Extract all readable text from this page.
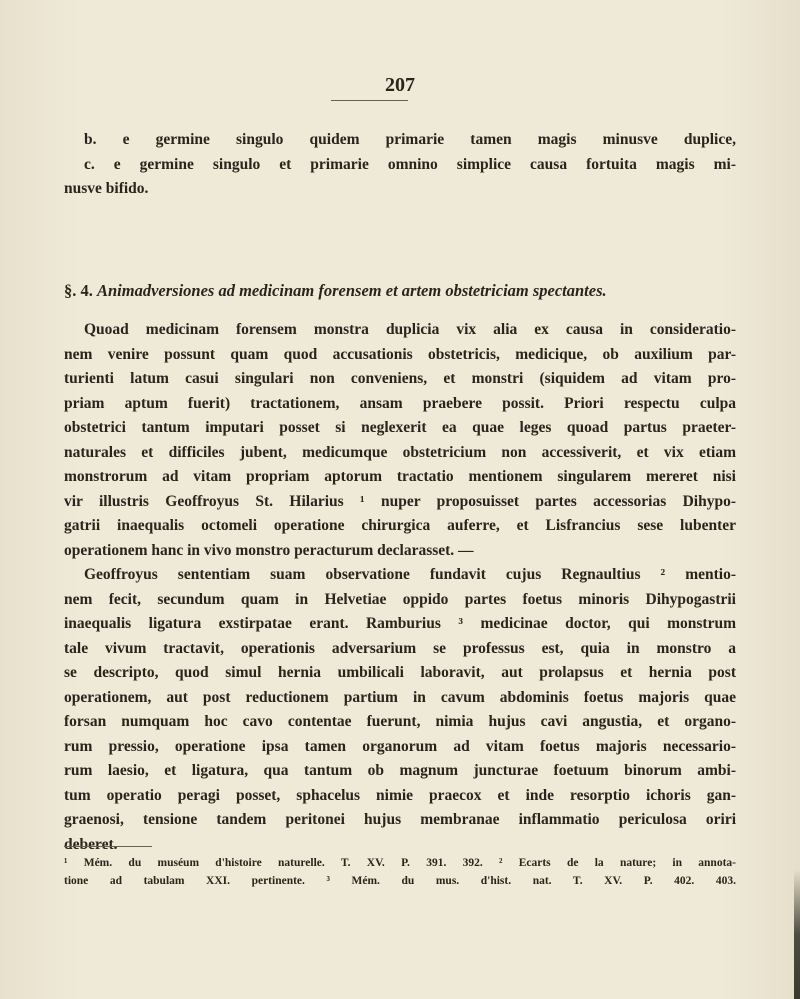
207
b. e germine singulo quidem primarie tamen magis minusve duplice,
c. e germine singulo et primarie omnino simplice causa fortuita magis mi-
nusve bifido.
§. 4. Animadversiones ad medicinam forensem et artem obstetriciam spectantes.
Quoad medicinam forensem monstra duplicia vix alia ex causa in consideratio-
nem venire possunt quam quod accusationis obstetricis, medicique, ob auxilium par-
turienti latum casui singulari non conveniens, et monstri (siquidem ad vitam pro-
priam aptum fuerit) tractationem, ansam praebere possit. Priori respectu culpa
obstetrici tantum imputari posset si neglexerit ea quae leges quoad partus praeter-
naturales et difficiles jubent, medicumque obstetricium non accessiverit, et vix etiam
monstrorum ad vitam propriam aptorum tractatio mentionem singularem mereret nisi
vir illustris Geoffroyus St. Hilarius ¹ nuper proposuisset partes accessorias Dihypo-
gatrii inaequalis octomeli operatione chirurgica auferre, et Lisfrancius sese lubenter
operationem hanc in vivo monstro peracturum declarasset. —
Geoffroyus sententiam suam observatione fundavit cujus Regnaultius ² mentio-
nem fecit, secundum quam in Helvetiae oppido partes foetus minoris Dihypogastrii
inaequalis ligatura exstirpatae erant. Ramburius ³ medicinae doctor, qui monstrum
tale vivum tractavit, operationis adversarium se professus est, quia in monstro a
se descripto, quod simul hernia umbilicali laboravit, aut prolapsus et hernia post
operationem, aut post reductionem partium in cavum abdominis foetus majoris quae
forsan numquam hoc cavo contentae fuerunt, nimia hujus cavi angustia, et organo-
rum pressio, operatione ipsa tamen organorum ad vitam foetus majoris necessario-
rum laesio, et ligatura, qua tantum ob magnum juncturae foetuum binorum ambi-
tum operatio peragi posset, sphacelus nimie praecox et inde resorptio ichoris gan-
graenosi, tensione tandem peritonei hujus membranae inflammatio periculosa oriri
deberet.
¹ Mém. du muséum d'histoire naturelle. T. XV. P. 391. 392. ² Ecarts de la nature; in annota-
tione ad tabulam XXI. pertinente. ³ Mém. du mus. d'hist. nat. T. XV. P. 402. 403.
